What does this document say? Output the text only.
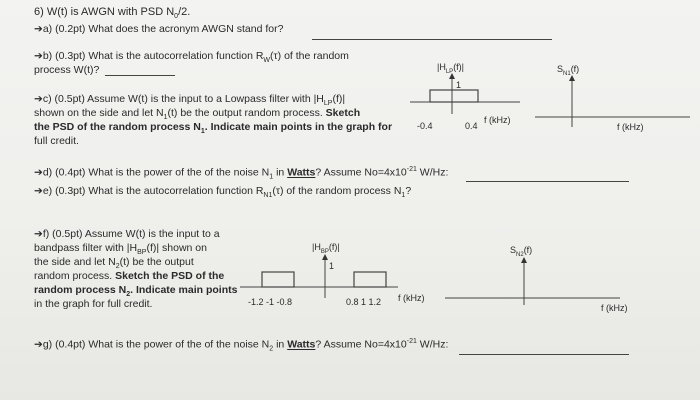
6) W(t) is AWGN with PSD $N_0/2$.
➔a) (0.2pt) What does the acronym AWGN stand for?
➔b) (0.3pt) What is the autocorrelation function $R_W(\tau)$ of the random
process W(t)?
➔c) (0.5pt) Assume W(t) is the input to a Lowpass filter with $|H_{LP}(f)|$
shown on the side and let $N_1(t)$ be the output random process. Sketch
the PSD of the random process $N_1$. Indicate main points in the graph for
full credit.
➔d) (0.4pt) What is the power of the of the noise $N_1$ in Watts? Assume $No=4x10^{-21}$ W/Hz:
➔e) (0.3pt) What is the autocorrelation function $R_{N1}(\tau)$ of the random process $N_1$?
➔f) (0.5pt) Assume W(t) is the input to a
bandpass filter with $|H_{BP}(f)|$ shown on
the side and let $N_2(t)$ be the output
random process. Sketch the PSD of the
random process $N_2$. Indicate main points
in the graph for full credit.
➔g) (0.4pt) What is the power of the of the noise $N_2$ in Watts? Assume $No=4x10^{-21}$ W/Hz:
$|H_{LP}(f)|$
1
-0.4	0.4
f (kHz)
$S_{N1}(f)$
f (kHz)
$|H_{BP}(f)|$
1
-1.2 -1 -0.8	0.8 1 1.2 f (kHz)
$S_{N2}(f)$
f (kHz)
